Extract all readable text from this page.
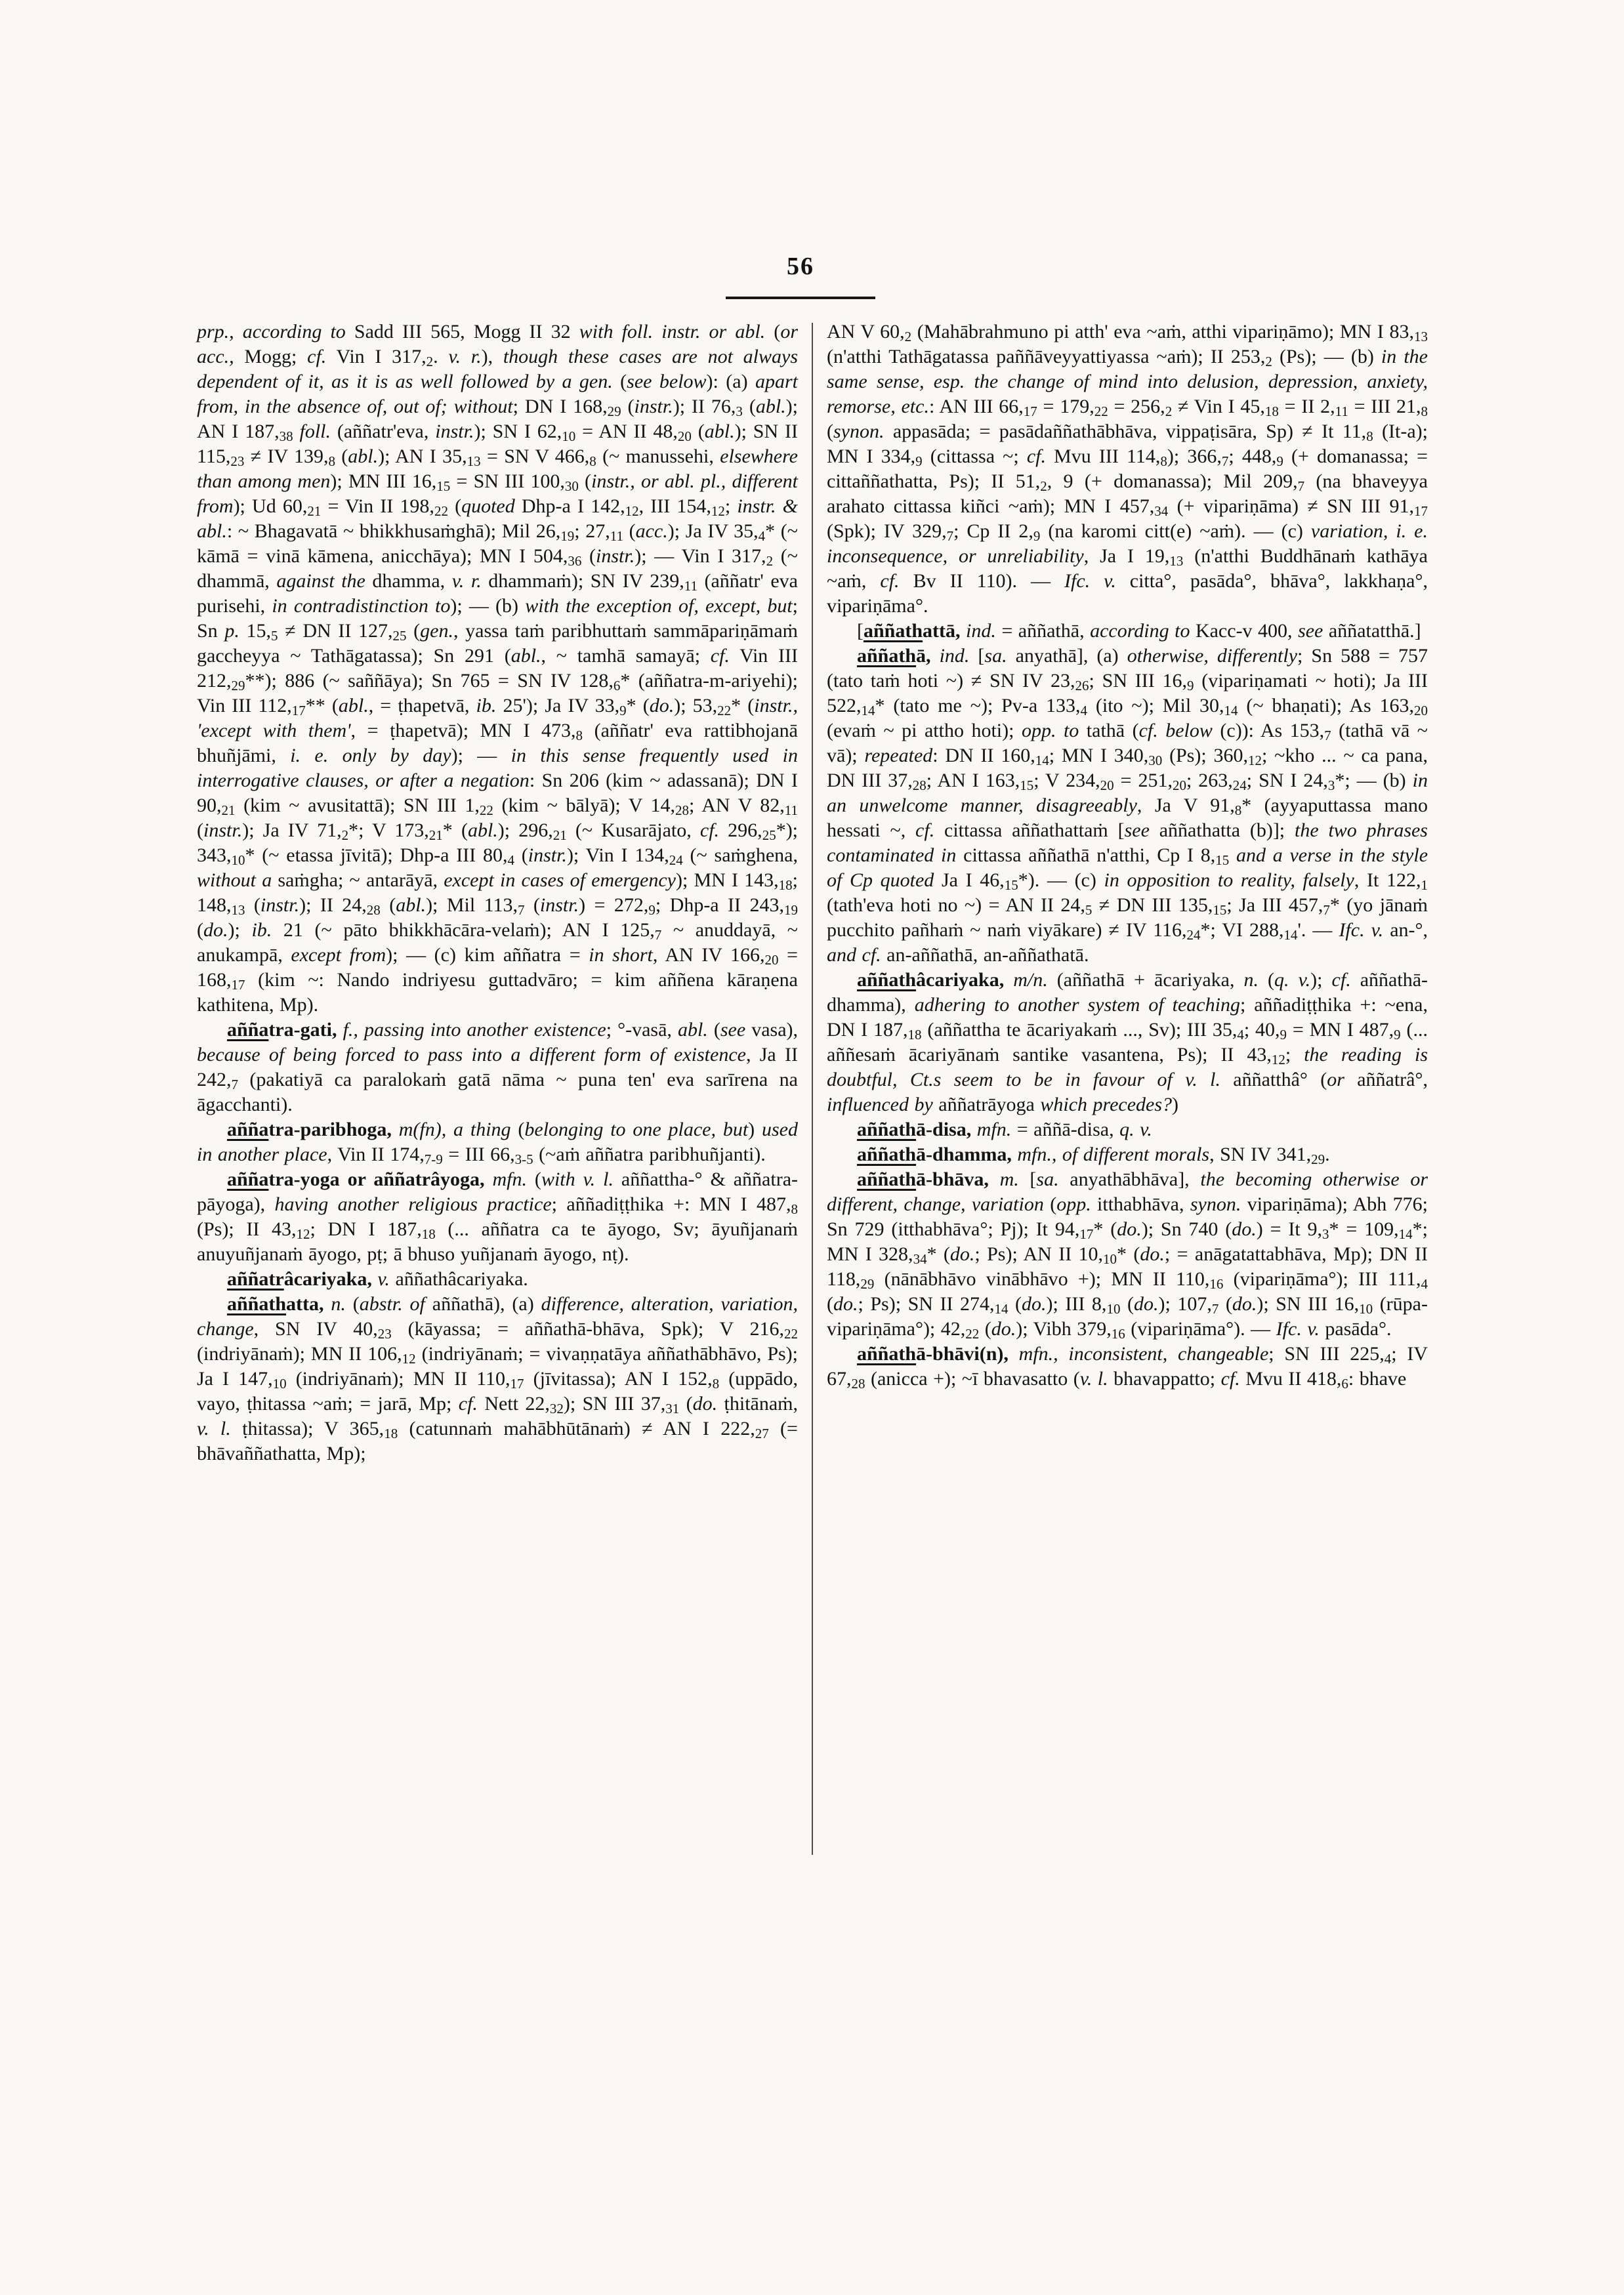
56

prp., according to Sadd III 565, Mogg II 32 with foll. instr. or abl. (or acc., Mogg; cf. Vin I $317,_2$. v. r.), though these cases are not always dependent of it, as it is as well followed by a gen. (see below): (a) apart from, in the absence of, out of; without; DN I $168,_{29}$ (instr.); II $76,_3$ (abl.); AN I $187,_{38}$ foll. (aññatr'eva, instr.); SN I $62,_{10}$ = AN II $48,_{20}$ (abl.); SN II $115,_{23}$ ≠ IV $139,_8$ (abl.); AN I $35,_{13}$ = SN V $466,_8$ (~ manussehi, elsewhere than among men); MN III $16,_{15}$ = SN III $100,_{30}$ (instr., or abl. pl., different from); Ud $60,_{21}$ = Vin II $198,_{22}$ (quoted Dhp-a I $142,_{12}$, III $154,_{12}$; instr. & abl.: ~ Bhagavatā ~ bhikkhusaṁghā); Mil $26,_{19}$; $27,_{11}$ (acc.); Ja IV $35,_4*$ (~ kāmā = vinā kāmena, anicchāya); MN I $504,_{36}$ (instr.); — Vin I $317,_2$ (~ dhammā, against the dhamma, v. r. dhammaṁ); SN IV $239,_{11}$ (aññatr' eva purisehi, in contradistinction to); — (b) with the exception of, except, but; Sn p. $15,_5$ ≠ DN II $127,_{25}$ (gen., yassa taṁ paribhuttaṁ sammāpariṇāmaṁ gaccheyya ~ Tathāgatassa); Sn 291 (abl., ~ tamhā samayā; cf. Vin III $212,_{29}**$); 886 (~ saññāya); Sn 765 = SN IV $128,_6*$ (aññatra-m-ariyehi); Vin III $112,_{17}**$ (abl., = ṭhapetvā, ib. 25'); Ja IV $33,_9*$ (do.); $53,_{22}*$ (instr., 'except with them', = ṭhapetvā); MN I $473,_8$ (aññatr' eva rattibhojanā bhuñjāmi, i. e. only by day); — in this sense frequently used in interrogative clauses, or after a negation: Sn 206 (kim ~ adassanā); DN I $90,_{21}$ (kim ~ avusitattā); SN III $1,_{22}$ (kim ~ bālyā); V $14,_{28}$; AN V $82,_{11}$ (instr.); Ja IV $71,_2*$; V $173,_{21}*$ (abl.); $296,_{21}$ (~ Kusarājato, cf. $296,_{25}*$); $343,_{10}*$ (~ etassa jīvitā); Dhp-a III $80,_4$ (instr.); Vin I $134,_{24}$ (~ saṁghena, without a saṁgha; ~ antarāyā, except in cases of emergency); MN I $143,_{18}$; $148,_{13}$ (instr.); II $24,_{28}$ (abl.); Mil $113,_7$ (instr.) = $272,_9$; Dhp-a II $243,_{19}$ (do.); ib. 21 (~ pāto bhikkhācāra-velaṁ); AN I $125,_7$ ~ anuddayā, ~ anukampā, except from); — (c) kim aññatra = in short, AN IV $166,_{20} = 168,_{17}$ (kim ~: Nando indriyesu guttadvāro; = kim aññena kāraṇena kathitena, Mp).

aññatra-gati, f., passing into another existence; °-vasā, abl. (see vasa), because of being forced to pass into a different form of existence, Ja II $242,_7$ (pakatiyā ca paralokaṁ gatā nāma ~ puna ten' eva sarīrena na āgacchanti).

aññatra-paribhoga, m(fn), a thing (belonging to one place, but) used in another place, Vin II $174,_{7-9}$ = III $66,_{3-5}$ (~aṁ aññatra paribhuñjanti).

aññatra-yoga or aññatrâyoga, mfn. (with v. l. aññattha-° & aññatra-pāyoga), having another religious practice; aññadiṭṭhika +: MN I $487,_8$ (Ps); II $43,_{12}$; DN I $187,_{18}$ (... aññatra ca te āyogo, Sv; āyuñjanaṁ anuyuñjanaṁ āyogo, pṭ; ā bhuso yuñjanaṁ āyogo, nṭ).

aññatrâcariyaka, v. aññathâcariyaka.

aññathatta, n. (abstr. of aññathā), (a) difference, alteration, variation, change, SN IV $40,_{23}$ (kāyassa; = aññathā-bhāva, Spk); V $216,_{22}$ (indriyānaṁ); MN II $106,_{12}$ (indriyānaṁ; = vivaṇṇatāya aññathābhāvo, Ps); Ja I $147,_{10}$ (indriyānaṁ); MN II $110,_{17}$ (jīvitassa); AN I $152,_8$ (uppādo, vayo, ṭhitassa ~aṁ; = jarā, Mp; cf. Nett $22,_{32}$); SN III $37,_{31}$ (do. ṭhitānaṁ, v. l. ṭhitassa); V $365,_{18}$ (catunnaṁ mahābhūtānaṁ) ≠ AN I $222,_{27}$ (= bhāvaññathatta, Mp);

AN V $60,_2$ (Mahābrahmuno pi atth' eva ~aṁ, atthi vipariṇāmo); MN I $83,_{13}$ (n'atthi Tathāgatassa paññāveyyattiyassa ~aṁ); II $253,_2$ (Ps); — (b) in the same sense, esp. the change of mind into delusion, depression, anxiety, remorse, etc.: AN III $66,_{17} = 179,_{22} = 256,_2$ ≠ Vin I $45,_{18}$ = II $2,_{11}$ = III $21,_8$ (synon. appasāda; = pasādaññathābhāva, vippaṭisāra, Sp) ≠ It $11,_8$ (It-a); MN I $334,_9$ (cittassa ~; cf. Mvu III $114,_8$); $366,_7$; $448,_9$ (+ domanassa; = cittaññathatta, Ps); II $51,_2$, 9 (+ domanassa); Mil $209,_7$ (na bhaveyya arahato cittassa kiñci ~aṁ); MN I $457,_{34}$ (+ vipariṇāma) ≠ SN III $91,_{17}$ (Spk); IV $329,_7$; Cp II $2,_9$ (na karomi citt(e) ~aṁ). — (c) variation, i. e. inconsequence, or unreliability, Ja I $19,_{13}$ (n'atthi Buddhānaṁ kathāya ~aṁ, cf. Bv II 110). — Ifc. v. citta°, pasāda°, bhāva°, lakkhaṇa°, vipariṇāma°.

[aññathattā, ind. = aññathā, according to Kacc-v 400, see aññatatthā.]

aññathā, ind. [sa. anyathā], (a) otherwise, differently; Sn 588 = 757 (tato taṁ hoti ~) ≠ SN IV $23,_{26}$; SN III $16,_9$ (vipariṇamati ~ hoti); Ja III $522,_{14}*$ (tato me ~); Pv-a $133,_4$ (ito ~); Mil $30,_{14}$ (~ bhaṇati); As $163,_{20}$ (evaṁ ~ pi attho hoti); opp. to tathā (cf. below (c)): As $153,_7$ (tathā vā ~ vā); repeated: DN II $160,_{14}$; MN I $340,_{30}$ (Ps); $360,_{12}$; ~kho ... ~ ca pana, DN III $37,_{28}$; AN I $163,_{15}$; V $234,_{20} = 251,_{20}$; $263,_{24}$; SN I $24,_3*$; — (b) in an unwelcome manner, disagreeably, Ja V $91,_8*$ (ayyaputtassa mano hessati ~, cf. cittassa aññathattaṁ [see aññathatta (b)]; the two phrases contaminated in cittassa aññathā n'atthi, Cp I $8,_{15}$ and a verse in the style of Cp quoted Ja I $46,_{15}*$). — (c) in opposition to reality, falsely, It $122,_1$ (tath'eva hoti no ~) = AN II $24,_5$ ≠ DN III $135,_{15}$; Ja III $457,_7*$ (yo jānaṁ pucchito pañhaṁ ~ naṁ viyākare) ≠ IV $116,_{24}*$; VI $288,_{14}'$. — Ifc. v. an-°, and cf. an-aññathā, an-aññathatā.

aññathâcariyaka, m/n. (aññathā + ācariyaka, n. (q. v.); cf. aññathā-dhamma), adhering to another system of teaching; aññadiṭṭhika +: ~ena, DN I $187,_{18}$ (aññattha te ācariyakaṁ ..., Sv); III $35,_4$; $40,_9$ = MN I $487,_9$ (... aññesaṁ ācariyānaṁ santike vasantena, Ps); II $43,_{12}$; the reading is doubtful, Ct.s seem to be in favour of v. l. aññatthâ° (or aññatrâ°, influenced by aññatrāyoga which precedes?)

aññathā-disa, mfn. = aññā-disa, q. v.

aññathā-dhamma, mfn., of different morals, SN IV $341,_{29}$.

aññathā-bhāva, m. [sa. anyathābhāva], the becoming otherwise or different, change, variation (opp. itthabhāva, synon. vipariṇāma); Abh 776; Sn 729 (itthabhāva°; Pj); It $94,_{17}*$ (do.); Sn 740 (do.) = It $9,_3* = 109,_{14}*$; MN I $328,_{34}*$ (do.; Ps); AN II $10,_{10}*$ (do.; = anāgatattabhāva, Mp); DN II $118,_{29}$ (nānābhāvo vinābhāvo +); MN II $110,_{16}$ (vipariṇāma°); III $111,_4$ (do.; Ps); SN II $274,_{14}$ (do.); III $8,_{10}$ (do.); $107,_7$ (do.); SN III $16,_{10}$ (rūpa-vipariṇāma°); $42,_{22}$ (do.); Vibh $379,_{16}$ (vipariṇāma°). — Ifc. v. pasāda°.

aññathā-bhāvi(n), mfn., inconsistent, changeable; SN III $225,_4$; IV $67,_{28}$ (anicca +); ~ī bhavasatto (v. l. bhavappatto; cf. Mvu II $418,_6$: bhave
